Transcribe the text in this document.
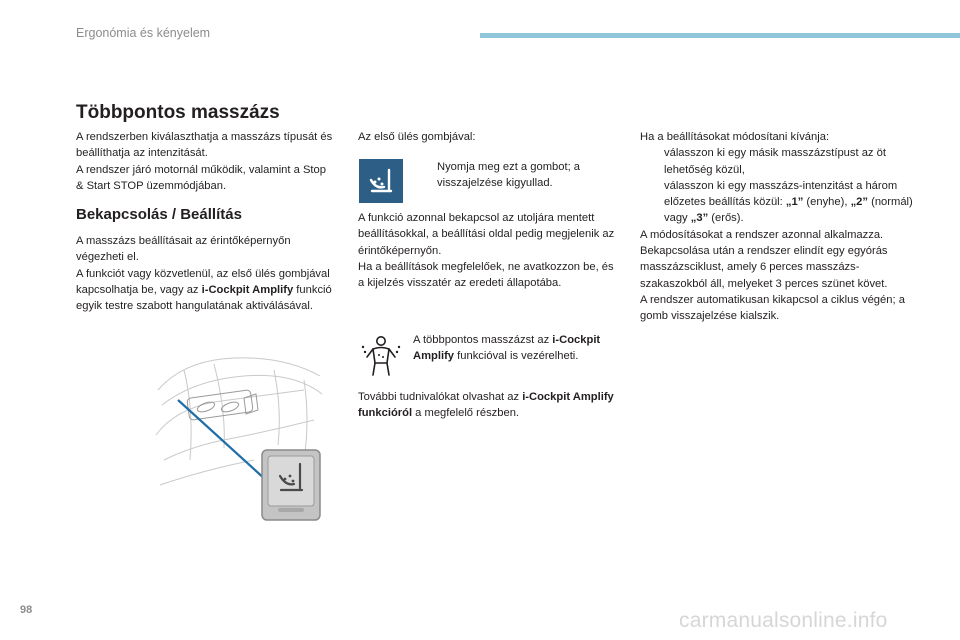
Ergonómia és kényelem
Többpontos masszázs

A rendszerben kiválaszthatja a masszázs típusát és beállíthatja az intenzitását.

A rendszer járó motornál működik, valamint a Stop & Start STOP üzemmódjában.

Bekapcsolás / Beállítás

A masszázs beállításait az érintőképernyőn végezheti el.

A funkciót vagy közvetlenül, az első ülés gombjával kapcsolhatja be, vagy az i-Cockpit Amplify funkció egyik testre szabott hangulatának aktiválásával.

Az első ülés gombjával:
Nyomja meg ezt a gombot; a visszajelzése kigyullad.

A funkció azonnal bekapcsol az utoljára mentett beállításokkal, a beállítási oldal pedig megjelenik az érintőképernyőn.

Ha a beállítások megfelelőek, ne avatkozzon be, és a kijelzés visszatér az eredeti állapotába.

A többpontos masszázst az i-Cockpit Amplify funkcióval is vezérelheti.

További tudnivalókat olvashat az i-Cockpit Amplify funkcióról a megfelelő részben.

Ha a beállításokat módosítani kívánja:

válasszon ki egy másik masszázstípust az öt lehetőség közül,
válasszon ki egy masszázs-intenzitást a három előzetes beállítás közül: „1” (enyhe), „2” (normál) vagy „3” (erős).

A módosításokat a rendszer azonnal alkalmazza.

Bekapcsolása után a rendszer elindít egy egyórás masszázsciklust, amely 6 perces masszázs-szakaszokból áll, melyeket 3 perces szünet követ.

A rendszer automatikusan kikapcsol a ciklus végén; a gomb visszajelzése kialszik.

98	carmanualsonline.info
